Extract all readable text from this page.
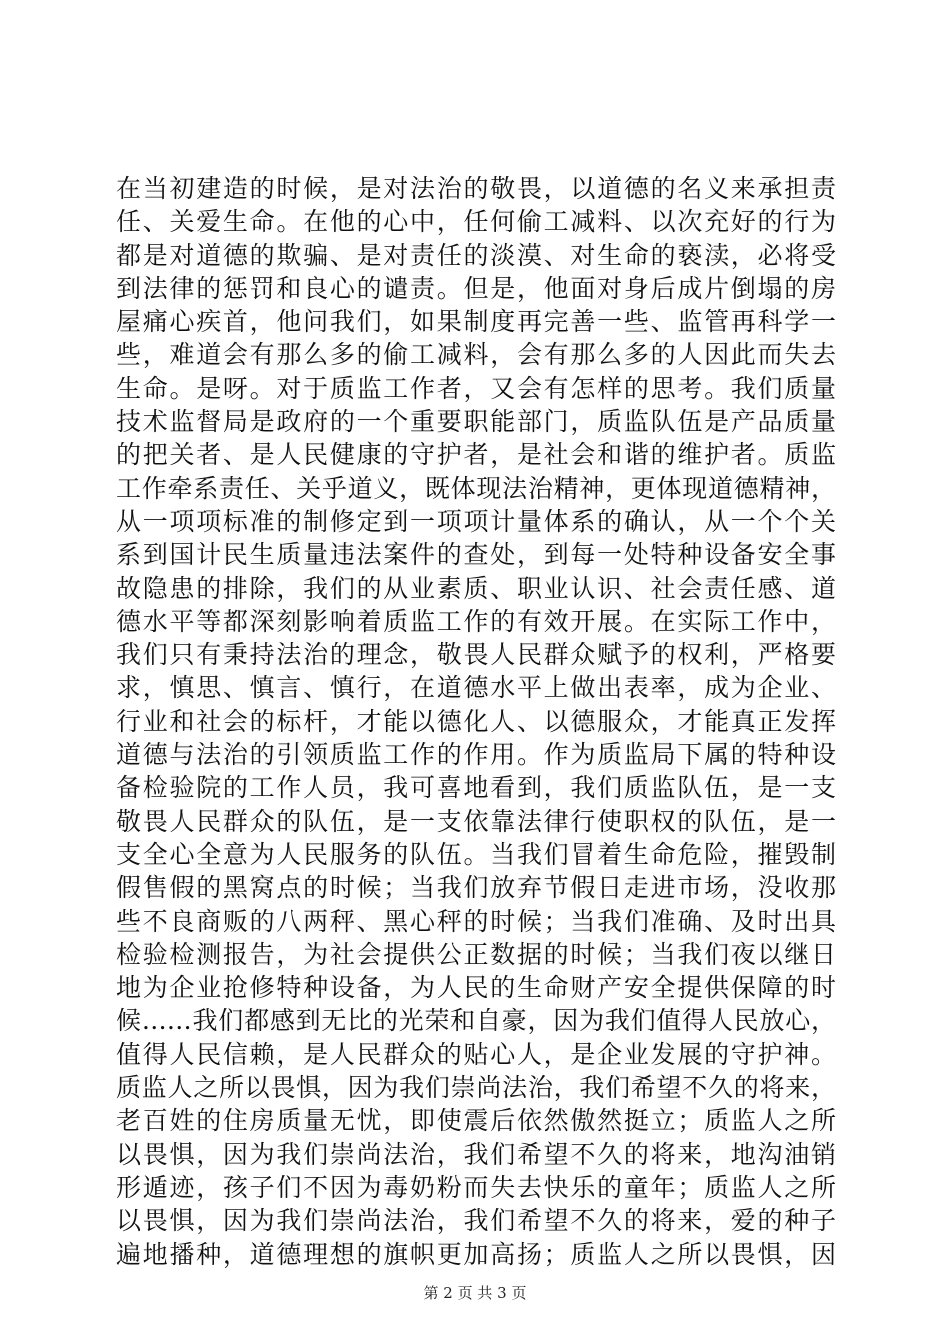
在当初建造的时候，是对法治的敬畏，以道德的名义来承担责
任、关爱生命。在他的心中，任何偷工减料、以次充好的行为
都是对道德的欺骗、是对责任的淡漠、对生命的亵渎，必将受
到法律的惩罚和良心的谴责。但是，他面对身后成片倒塌的房
屋痛心疾首，他问我们，如果制度再完善一些、监管再科学一
些，难道会有那么多的偷工减料，会有那么多的人因此而失去
生命。是呀。对于质监工作者，又会有怎样的思考。我们质量
技术监督局是政府的一个重要职能部门，质监队伍是产品质量
的把关者、是人民健康的守护者，是社会和谐的维护者。质监
工作牵系责任、关乎道义，既体现法治精神，更体现道德精神，
从一项项标准的制修定到一项项计量体系的确认，从一个个关
系到国计民生质量违法案件的查处，到每一处特种设备安全事
故隐患的排除，我们的从业素质、职业认识、社会责任感、道
德水平等都深刻影响着质监工作的有效开展。在实际工作中，
我们只有秉持法治的理念，敬畏人民群众赋予的权利，严格要
求，慎思、慎言、慎行，在道德水平上做出表率，成为企业、
行业和社会的标杆，才能以德化人、以德服众，才能真正发挥
道德与法治的引领质监工作的作用。作为质监局下属的特种设
备检验院的工作人员，我可喜地看到，我们质监队伍，是一支
敬畏人民群众的队伍，是一支依靠法律行使职权的队伍，是一
支全心全意为人民服务的队伍。当我们冒着生命危险，摧毁制
假售假的黑窝点的时候；当我们放弃节假日走进市场，没收那
些不良商贩的八两秤、黑心秤的时候；当我们准确、及时出具
检验检测报告，为社会提供公正数据的时候；当我们夜以继日
地为企业抢修特种设备，为人民的生命财产安全提供保障的时
候……我们都感到无比的光荣和自豪，因为我们值得人民放心，
值得人民信赖，是人民群众的贴心人，是企业发展的守护神。
质监人之所以畏惧，因为我们崇尚法治，我们希望不久的将来，
老百姓的住房质量无忧，即使震后依然傲然挺立；质监人之所
以畏惧，因为我们崇尚法治，我们希望不久的将来，地沟油销
形遁迹，孩子们不因为毒奶粉而失去快乐的童年；质监人之所
以畏惧，因为我们崇尚法治，我们希望不久的将来，爱的种子
遍地播种，道德理想的旗帜更加高扬；质监人之所以畏惧，因
第 2 页 共 3 页
